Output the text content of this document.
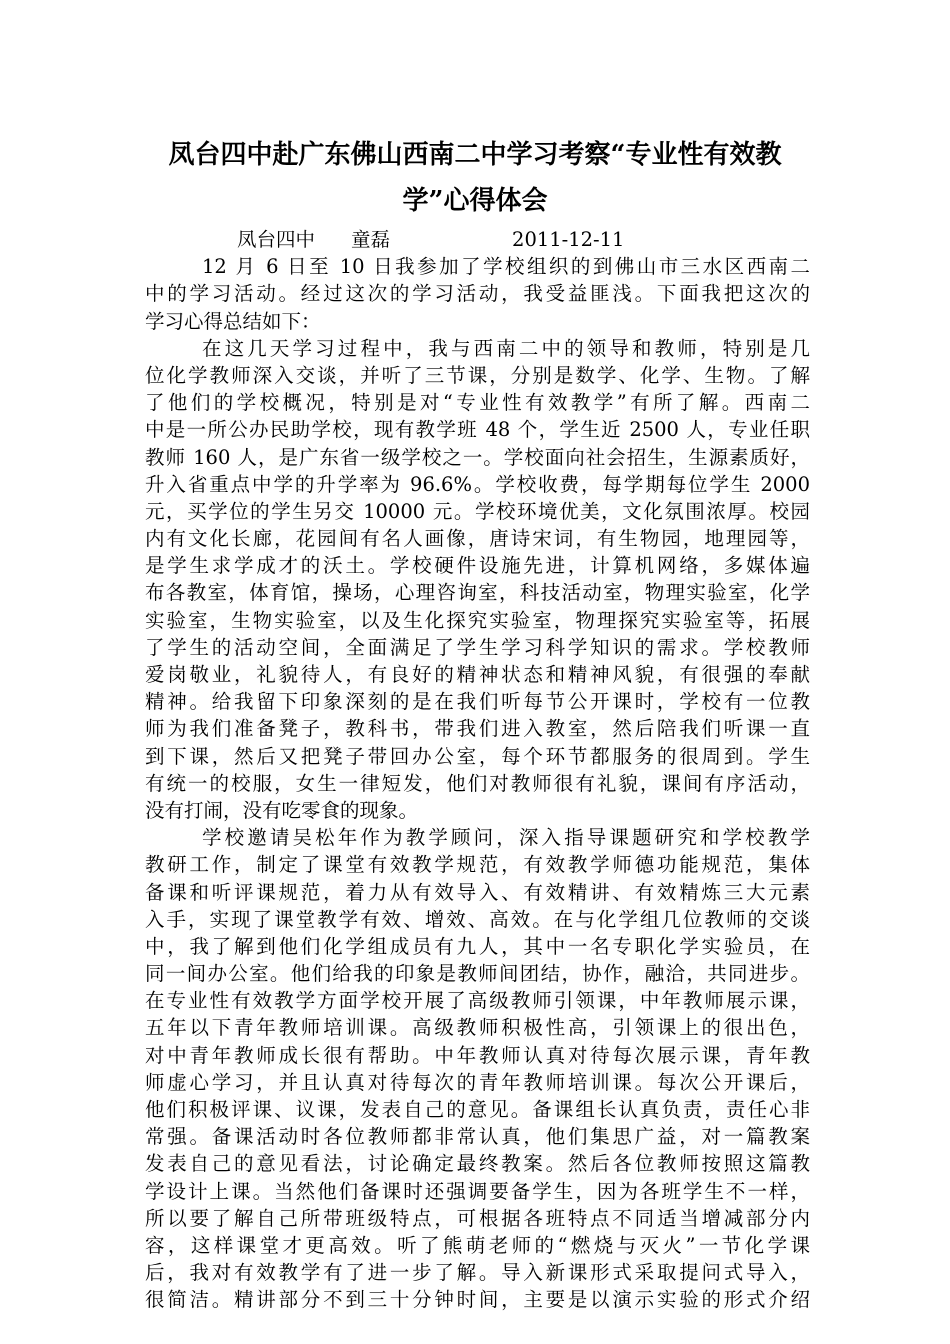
凤台四中赴广东佛山西南二中学习考察“专业性有效教
学”心得体会
凤台四中 童磊	2011-12-11
12 月 6 日至 10 日我参加了学校组织的到佛山市三水区西南二
中的学习活动。经过这次的学习活动，我受益匪浅。下面我把这次的
学习心得总结如下：
在这几天学习过程中，我与西南二中的领导和教师，特别是几
位化学教师深入交谈，并听了三节课，分别是数学、化学、生物。了解
了他们的学校概况，特别是对“专业性有效教学”有所了解。西南二
中是一所公办民助学校，现有教学班 48 个，学生近 2500 人，专业任职
教师 160 人，是广东省一级学校之一。学校面向社会招生，生源素质好，
升入省重点中学的升学率为 96.6%。学校收费，每学期每位学生 2000
元，买学位的学生另交 10000 元。学校环境优美，文化氛围浓厚。校园
内有文化长廊，花园间有名人画像，唐诗宋词，有生物园，地理园等，
是学生求学成才的沃土。学校硬件设施先进，计算机网络，多媒体遍
布各教室，体育馆，操场，心理咨询室，科技活动室，物理实验室，化学
实验室，生物实验室，以及生化探究实验室，物理探究实验室等，拓展
了学生的活动空间，全面满足了学生学习科学知识的需求。学校教师
爱岗敬业，礼貌待人，有良好的精神状态和精神风貌，有很强的奉献
精神。给我留下印象深刻的是在我们听每节公开课时，学校有一位教
师为我们准备凳子，教科书，带我们进入教室，然后陪我们听课一直
到下课，然后又把凳子带回办公室，每个环节都服务的很周到。学生
有统一的校服，女生一律短发，他们对教师很有礼貌，课间有序活动，
没有打闹，没有吃零食的现象。
学校邀请吴松年作为教学顾问，深入指导课题研究和学校教学
教研工作，制定了课堂有效教学规范，有效教学师德功能规范，集体
备课和听评课规范，着力从有效导入、有效精讲、有效精炼三大元素
入手，实现了课堂教学有效、增效、高效。在与化学组几位教师的交谈
中，我了解到他们化学组成员有九人，其中一名专职化学实验员，在
同一间办公室。他们给我的印象是教师间团结，协作，融洽，共同进步。
在专业性有效教学方面学校开展了高级教师引领课，中年教师展示课，
五年以下青年教师培训课。高级教师积极性高，引领课上的很出色，
对中青年教师成长很有帮助。中年教师认真对待每次展示课，青年教
师虚心学习，并且认真对待每次的青年教师培训课。每次公开课后，
他们积极评课、议课，发表自己的意见。备课组长认真负责，责任心非
常强。备课活动时各位教师都非常认真，他们集思广益，对一篇教案
发表自己的意见看法，讨论确定最终教案。然后各位教师按照这篇教
学设计上课。当然他们备课时还强调要备学生，因为各班学生不一样，
所以要了解自己所带班级特点，可根据各班特点不同适当增减部分内
容，这样课堂才更高效。听了熊萌老师的“燃烧与灭火”一节化学课
后，我对有效教学有了进一步了解。导入新课形式采取提问式导入，
很简洁。精讲部分不到三十分钟时间，主要是以演示实验的形式介绍
